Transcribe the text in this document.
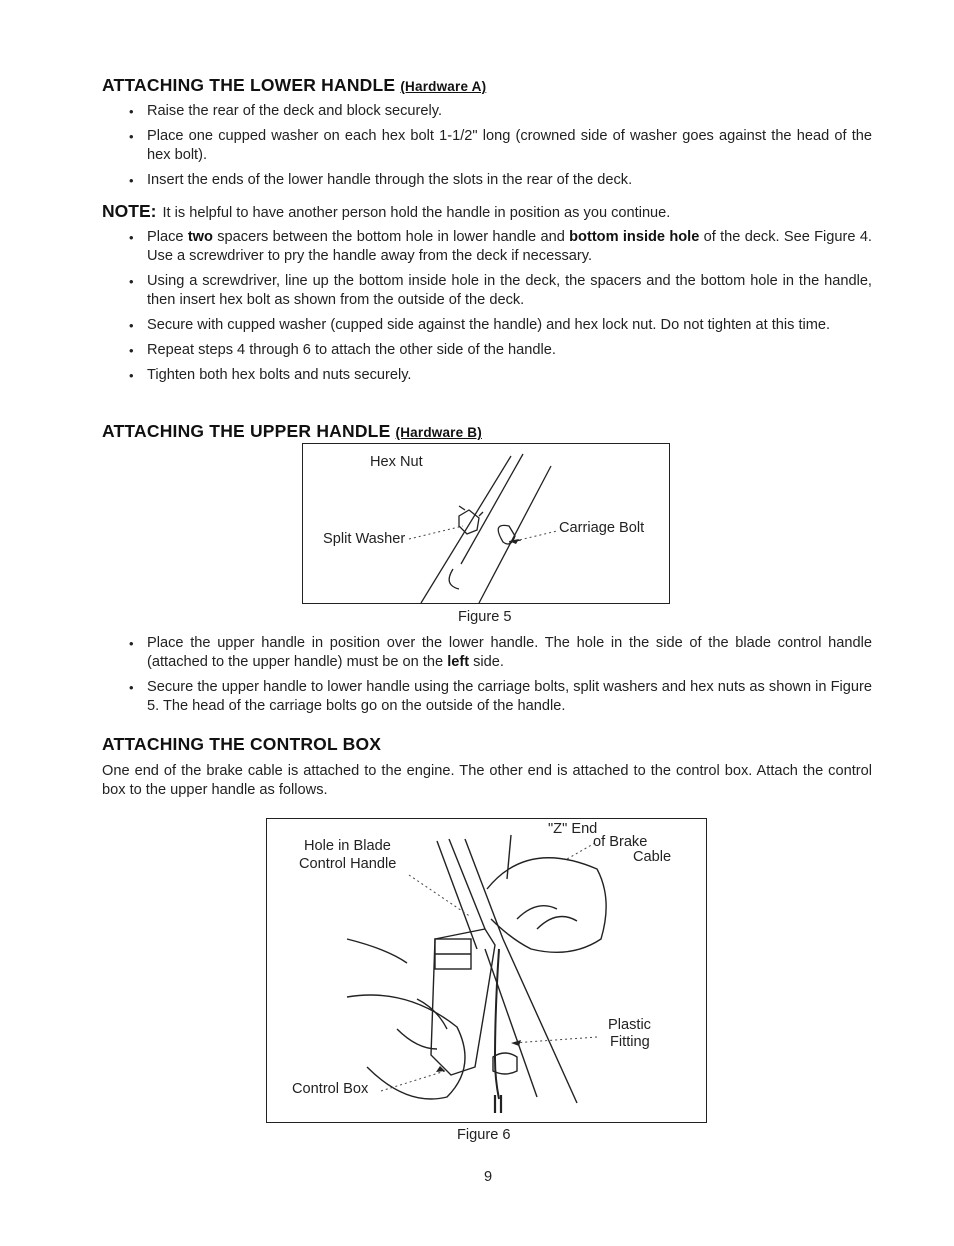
ATTACHING THE LOWER HANDLE (Hardware A)
• Raise the rear of the deck and block securely.
• Place one cupped washer on each hex bolt 1-1/2" long (crowned side of washer goes against the head of the hex bolt).
• Insert the ends of the lower handle through the slots in the rear of the deck.
NOTE: It is helpful to have another person hold the handle in position as you continue.
• Place two spacers between the bottom hole in lower handle and bottom inside hole of the deck. See Figure 4. Use a screwdriver to pry the handle away from the deck if necessary.
• Using a screwdriver, line up the bottom inside hole in the deck, the spacers and the bottom hole in the handle, then insert hex bolt as shown from the outside of the deck.
• Secure with cupped washer (cupped side against the handle) and hex lock nut. Do not tighten at this time.
• Repeat steps 4 through 6 to attach the other side of the handle.
• Tighten both hex bolts and nuts securely.
ATTACHING THE UPPER HANDLE (Hardware B)
Hex Nut
Split Washer
Carriage Bolt
Figure 5
• Place the upper handle in position over the lower handle. The hole in the side of the blade control handle (attached to the upper handle) must be on the left side.
• Secure the upper handle to lower handle using the carriage bolts, split washers and hex nuts as shown in Figure 5. The head of the carriage bolts go on the outside of the handle.
ATTACHING THE CONTROL BOX
One end of the brake cable is attached to the engine. The other end is attached to the control box. Attach the control box to the upper handle as follows.
Hole in Blade
Control Handle
"Z" End
of Brake
Cable
Plastic
Fitting
Control Box
Figure 6
9
